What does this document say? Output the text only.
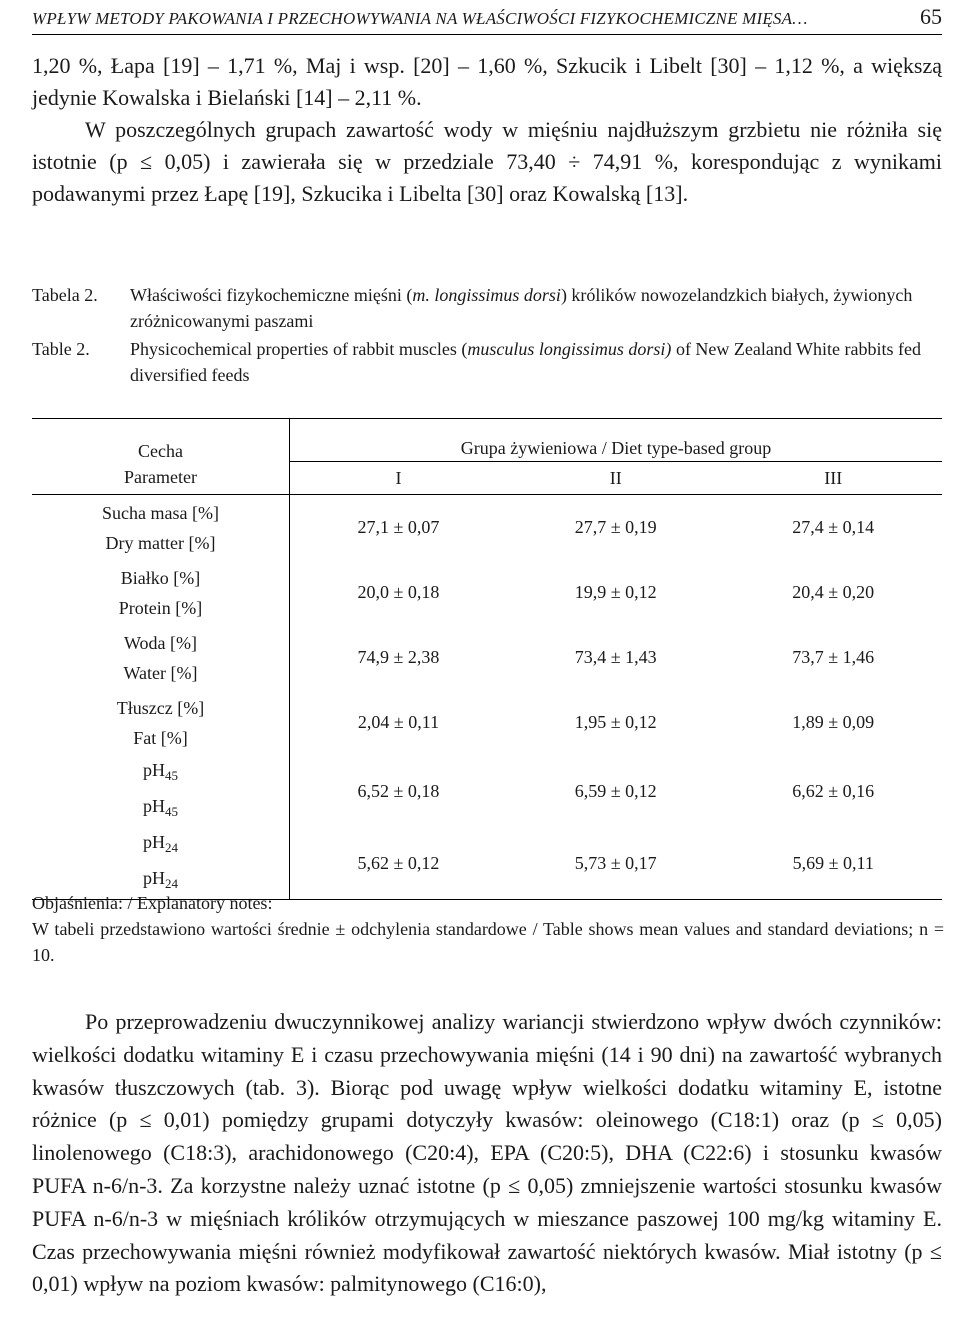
WPŁYW METODY PAKOWANIA I PRZECHOWYWANIA NA WŁAŚCIWOŚCI FIZYKOCHEMICZNE MIĘSA…	65
1,20 %, Łapa [19] – 1,71 %, Maj i wsp. [20] – 1,60 %, Szkucik i Libelt [30] – 1,12 %, a większą jedynie Kowalska i Bielański [14] – 2,11 %.
W poszczególnych grupach zawartość wody w mięśniu najdłuższym grzbietu nie różniła się istotnie (p ≤ 0,05) i zawierała się w przedziale 73,40 ÷ 74,91 %, korespondując z wynikami podawanymi przez Łapę [19], Szkucika i Libelta [30] oraz Kowalską [13].
Tabela 2.	Właściwości fizykochemiczne mięśni (m. longissimus dorsi) królików nowozelandzkich białych, żywionych zróżnicowanymi paszami
Table 2.	Physicochemical properties of rabbit muscles (musculus longissimus dorsi) of New Zealand White rabbits fed diversified feeds
Cecha	Grupa żywieniowa / Diet type-based group		
Parameter	I	II	III
Sucha masa [%]
Dry matter [%]	27,1 ± 0,07	27,7 ± 0,19	27,4 ± 0,14
Białko [%]
Protein [%]	20,0 ± 0,18	19,9 ± 0,12	20,4 ± 0,20
Woda [%]
Water [%]	74,9 ± 2,38	73,4 ± 1,43	73,7 ± 1,46
Tłuszcz [%]
Fat [%]	2,04 ± 0,11	1,95 ± 0,12	1,89 ± 0,09
$pH_{45}$
$pH_{45}$	6,52 ± 0,18	6,59 ± 0,12	6,62 ± 0,16
$pH_{24}$
$pH_{24}$	5,62 ± 0,12	5,73 ± 0,17	5,69 ± 0,11
Objaśnienia: / Explanatory notes:
W tabeli przedstawiono wartości średnie ± odchylenia standardowe / Table shows mean values and standard deviations; n = 10.
Po przeprowadzeniu dwuczynnikowej analizy wariancji stwierdzono wpływ dwóch czynników: wielkości dodatku witaminy E i czasu przechowywania mięśni (14 i 90 dni) na zawartość wybranych kwasów tłuszczowych (tab. 3). Biorąc pod uwagę wpływ wielkości dodatku witaminy E, istotne różnice (p ≤ 0,01) pomiędzy grupami dotyczyły kwasów: oleinowego (C18:1) oraz (p ≤ 0,05) linolenowego (C18:3), arachidonowego (C20:4), EPA (C20:5), DHA (C22:6) i stosunku kwasów PUFA n-6/n-3. Za korzystne należy uznać istotne (p ≤ 0,05) zmniejszenie wartości stosunku kwasów PUFA n-6/n-3 w mięśniach królików otrzymujących w mieszance paszowej 100 mg/kg witaminy E. Czas przechowywania mięśni również modyfikował zawartość niektórych kwasów. Miał istotny (p ≤ 0,01) wpływ na poziom kwasów: palmitynowego (C16:0),
